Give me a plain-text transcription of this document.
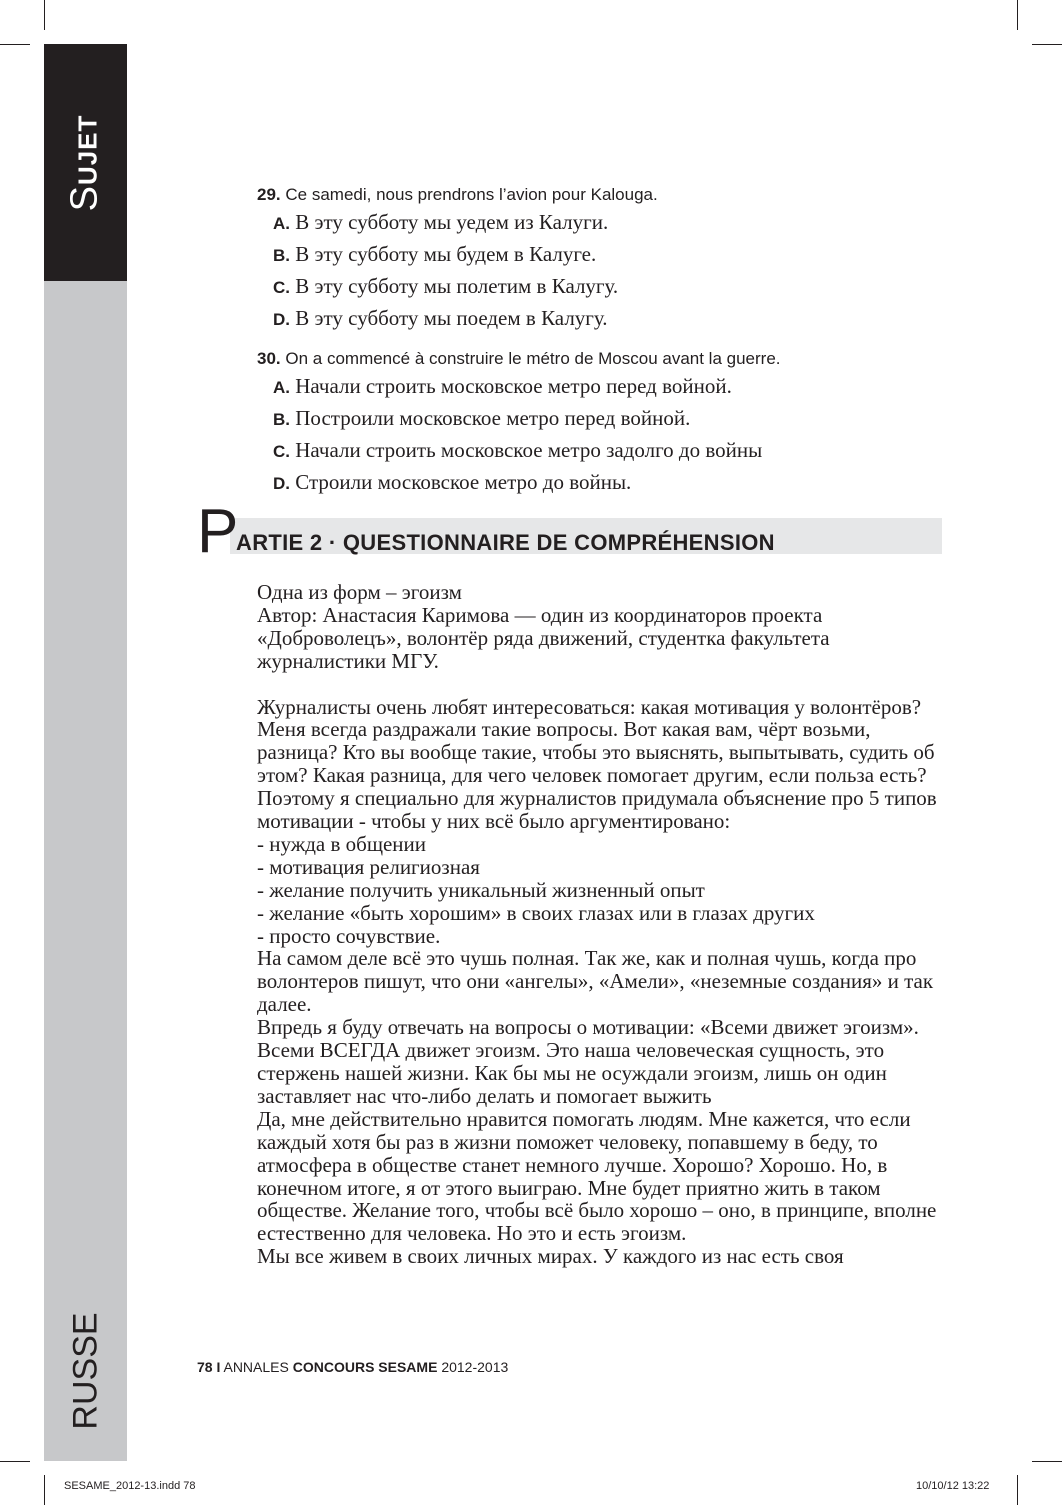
SUJET
RUSSE
29. Ce samedi, nous prendrons l’avion pour Kalouga.
A. В эту субботу мы уедем из Калуги.
B. В эту субботу мы будем в Калуге.
C. В эту субботу мы полетим в Калугу.
D. В эту субботу мы поедем в Калугу.
30. On a commencé à construire le métro de Moscou avant la guerre.
A. Начали строить московское метро перед войной.
B. Построили московское метро перед войной.
C. Начали строить московское метро задолго до войны
D. Строили московское метро до войны.
P
ARTIE 2 · QUESTIONNAIRE DE COMPRÉHENSION

Одна из форм – эгоизм

Автор: Анастасия Каримова — один из координаторов проекта «Доброволецъ», волонтёр ряда движений, студентка факультета журналистики МГУ.

Журналисты очень любят интересоваться: какая мотивация у волонтёров?

Меня всегда раздражали такие вопросы. Вот какая вам, чёрт возьми, разница? Кто вы вообще такие, чтобы это выяснять, выпытывать, судить об этом? Какая разница, для чего человек помогает другим, если польза есть?

Поэтому я специально для журналистов придумала объяснение про 5 типов мотивации - чтобы у них всё было аргументировано:

- нужда в общении

- мотивация религиозная

- желание получить уникальный жизненный опыт

- желание «быть хорошим» в своих глазах или в глазах других

- просто сочувствие.

На самом деле всё это чушь полная. Так же, как и полная чушь, когда про волонтеров пишут, что они «ангелы», «Амели», «неземные создания» и так далее.

Впредь я буду отвечать на вопросы о мотивации: «Всеми движет эгоизм». Всеми ВСЕГДА движет эгоизм. Это наша человеческая сущность, это стержень нашей жизни. Как бы мы не осуждали эгоизм, лишь он один заставляет нас что-либо делать и помогает выжить

Да, мне действительно нравится помогать людям. Мне кажется, что если каждый хотя бы раз в жизни поможет человеку, попавшему в беду, то атмосфера в обществе станет немного лучше. Хорошо? Хорошо. Но, в конечном итоге, я от этого выиграю. Мне будет приятно жить в таком обществе. Желание того, чтобы всё было хорошо – оно, в принципе, вполне естественно для человека. Но это и есть эгоизм.

Мы все живем в своих личных мирах. У каждого из нас есть своя

78 I ANNALES CONCOURS SESAME 2012-2013
SESAME_2012-13.indd 78	10/10/12 13:22
